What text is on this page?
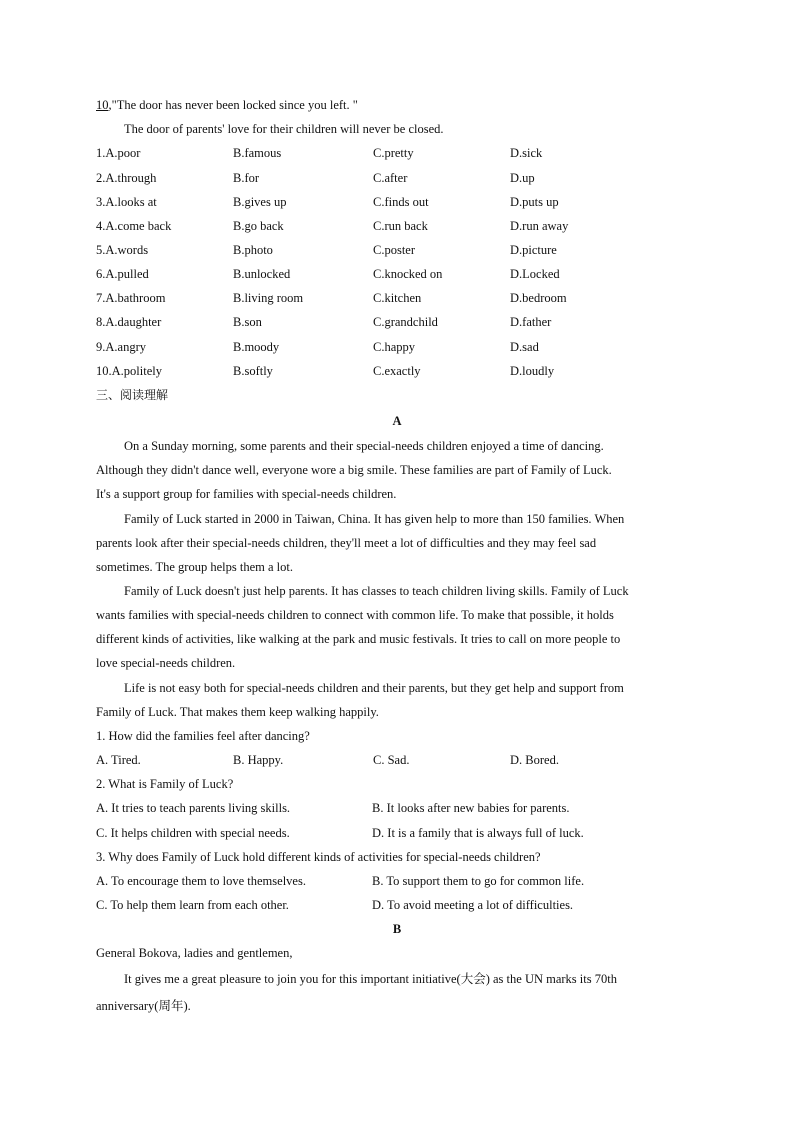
10,"The door has never been locked since you left. "
The door of parents' love for their children will never be closed.
1.A.poor	B.famous	C.pretty	D.sick
2.A.through	B.for	C.after	D.up
3.A.looks at	B.gives up	C.finds out	D.puts up
4.A.come back	B.go back	C.run back	D.run away
5.A.words	B.photo	C.poster	D.picture
6.A.pulled	B.unlocked	C.knocked on	D.Locked
7.A.bathroom	B.living room	C.kitchen	D.bedroom
8.A.daughter	B.son	C.grandchild	D.father
9.A.angry	B.moody	C.happy	D.sad
10.A.politely	B.softly	C.exactly	D.loudly
三、阅读理解
A
On a Sunday morning, some parents and their special-needs children enjoyed a time of dancing.
Although they didn't dance well, everyone wore a big smile. These families are part of Family of Luck.
It's a support group for families with special-needs children.
Family of Luck started in 2000 in Taiwan, China. It has given help to more than 150 families. When
parents look after their special-needs children, they'll meet a lot of difficulties and they may feel sad
sometimes. The group helps them a lot.
Family of Luck doesn't just help parents. It has classes to teach children living skills. Family of Luck
wants families with special-needs children to connect with common life. To make that possible, it holds
different kinds of activities, like walking at the park and music festivals. It tries to call on more people to
love special-needs children.
Life is not easy both for special-needs children and their parents, but they get help and support from
Family of Luck. That makes them keep walking happily.
1. How did the families feel after dancing?
A. Tired.	B. Happy.	C. Sad.	D. Bored.
2. What is Family of Luck?
A. It tries to teach parents living skills.	B. It looks after new babies for parents.
C. It helps children with special needs.	D. It is a family that is always full of luck.
3. Why does Family of Luck hold different kinds of activities for special-needs children?
A. To encourage them to love themselves.	B. To support them to go for common life.
C. To help them learn from each other.	D. To avoid meeting a lot of difficulties.
B
General Bokova, ladies and gentlemen,
It gives me a great pleasure to join you for this important initiative(大会) as the UN marks its 70th
anniversary(周年).
